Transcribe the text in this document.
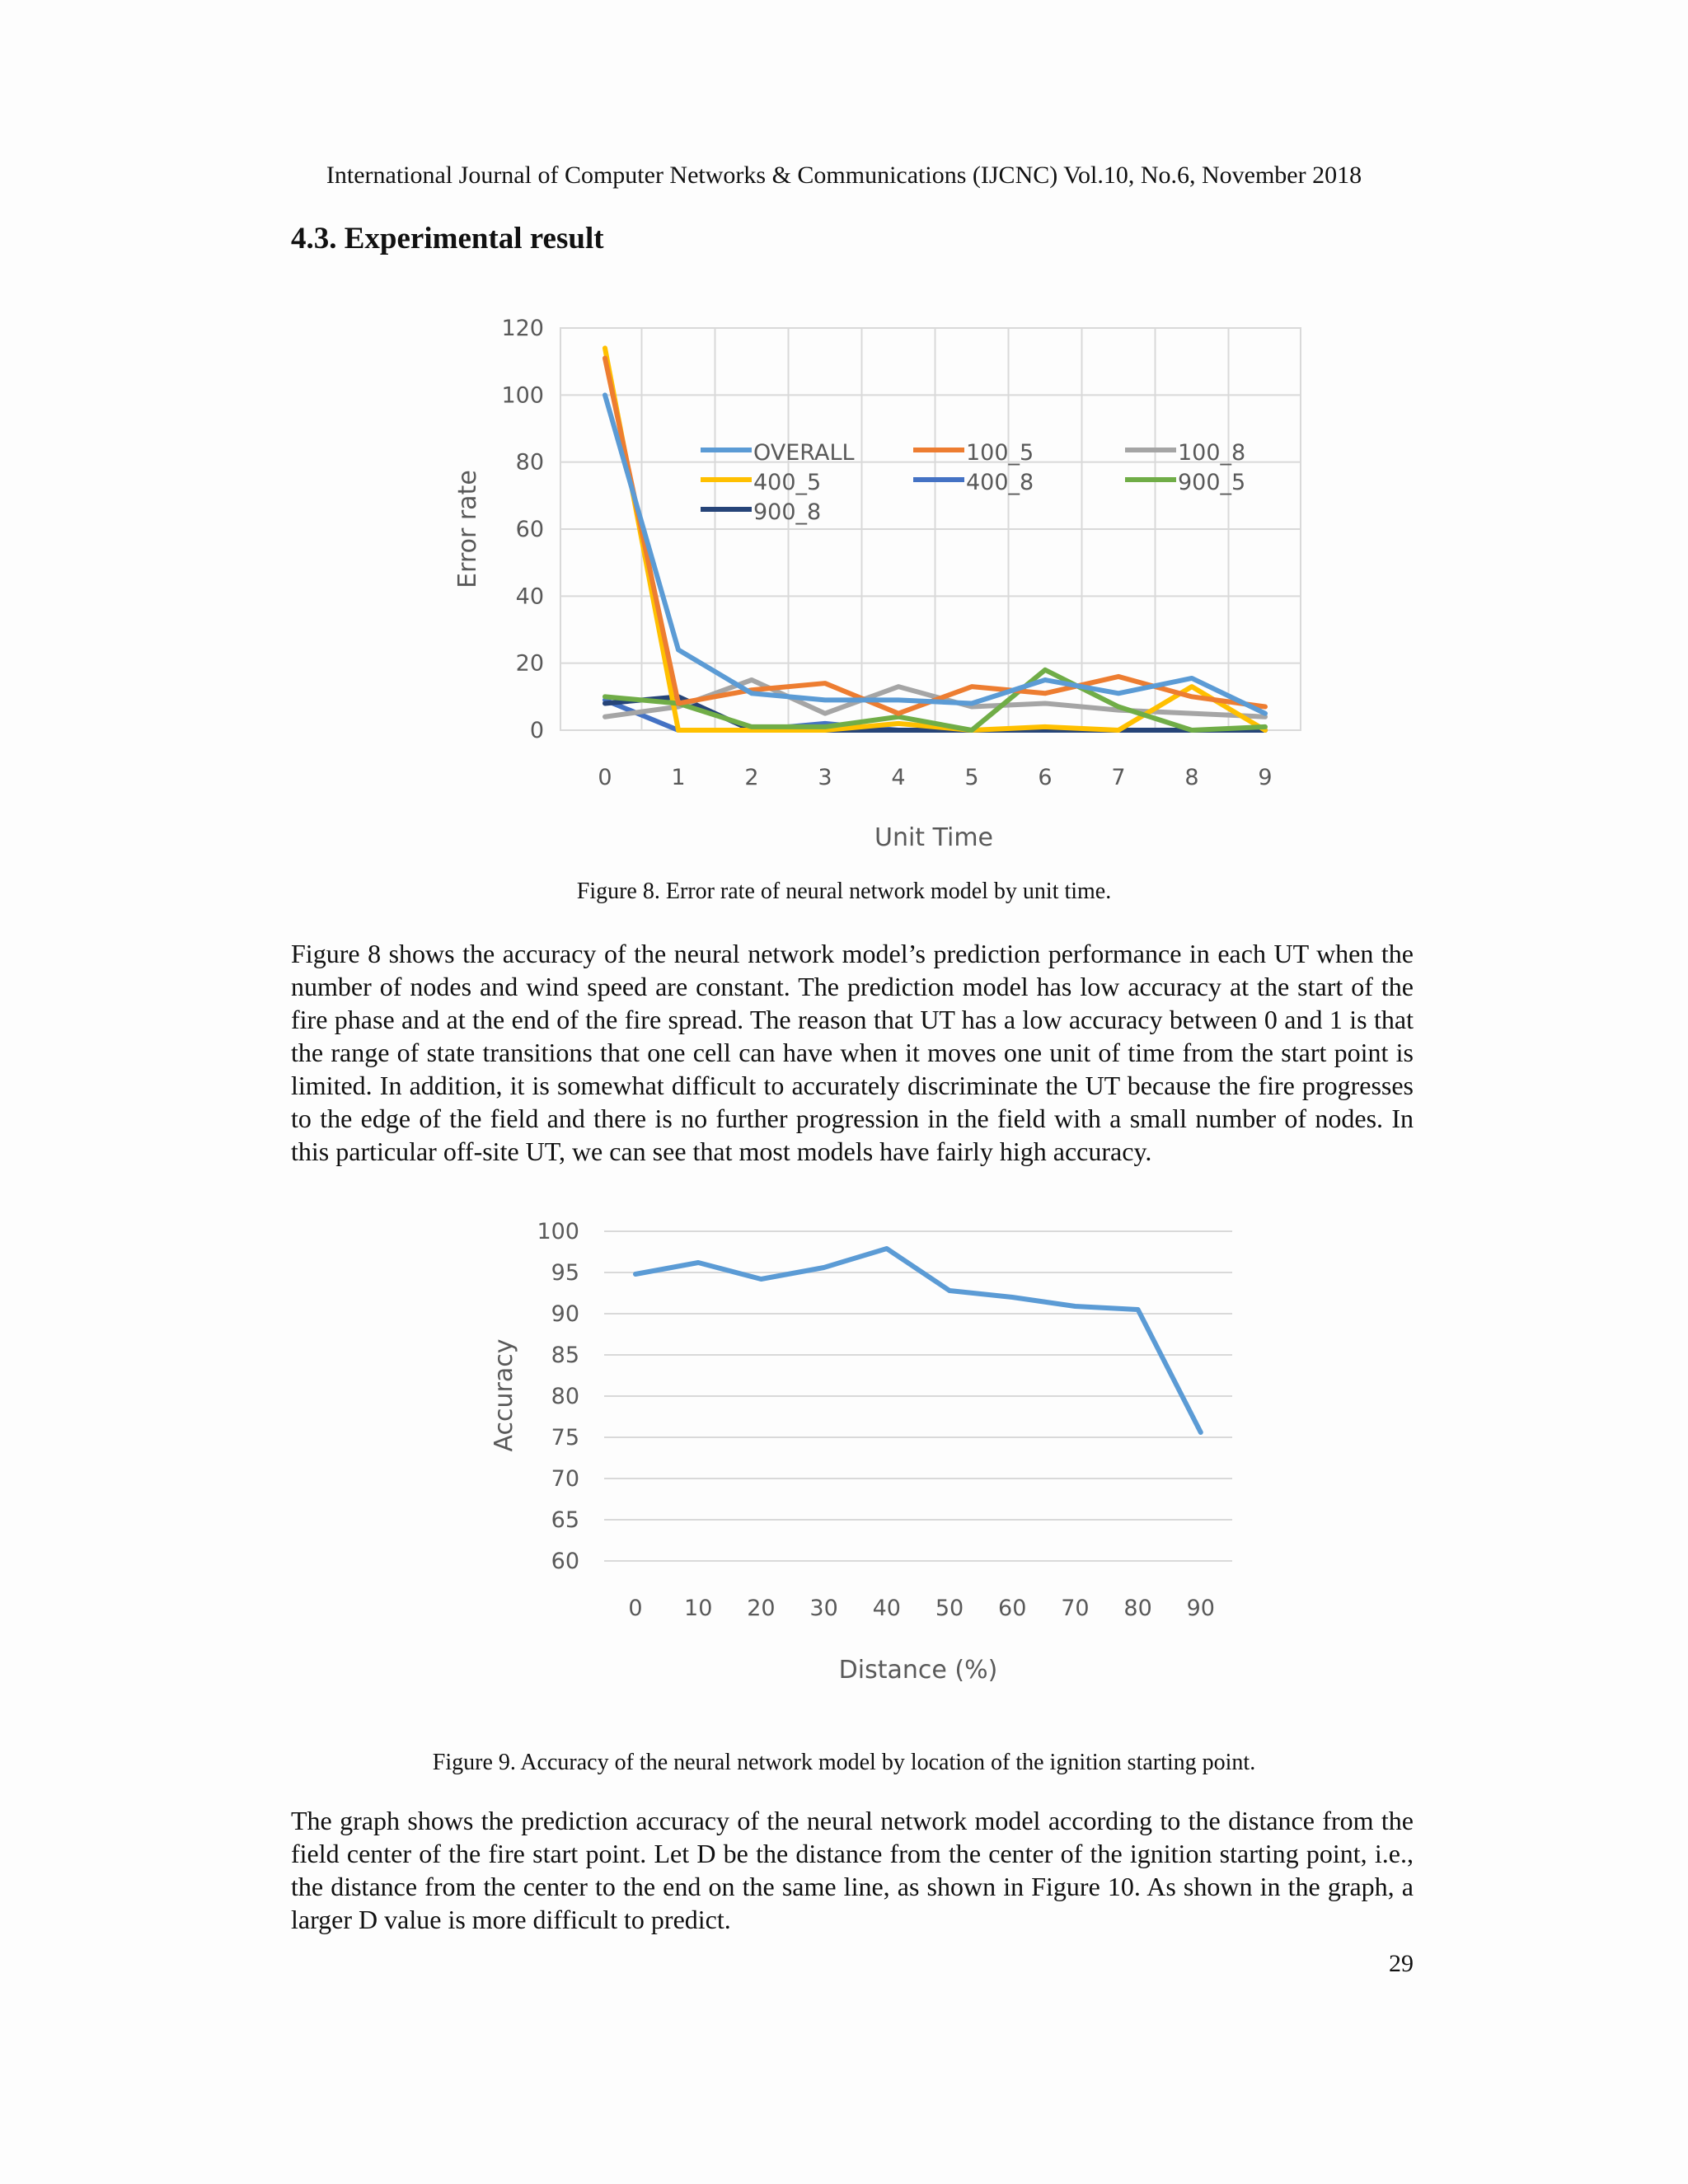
International Journal of Computer Networks & Communications (IJCNC) Vol.10, No.6, November 2018
4.3. Experimental result
0
20
40
60
80
100
120
0	1	2	3	4	5	6	7	8	9
Unit Time
Error rate
OVERALL	100_5	100_8
400_5	400_8	900_5
900_8
Figure 8. Error rate of neural network model by unit time.
Figure 8 shows the accuracy of the neural network model’s prediction performance in each UT when the number of nodes and wind speed are constant. The prediction model has low accuracy at the start of the fire phase and at the end of the fire spread. The reason that UT has a low accuracy between 0 and 1 is that the range of state transitions that one cell can have when it moves one unit of time from the start point is limited. In addition, it is somewhat difficult to accurately discriminate the UT because the fire progresses to the edge of the field and there is no further progression in the field with a small number of nodes. In this particular off-site UT, we can see that most models have fairly high accuracy.
60
65
70
75
80
85
90
95
100
0 10 20 30 40 50 60 70 80 90
Distance (%)
Accuracy
Figure 9. Accuracy of the neural network model by location of the ignition starting point.
The graph shows the prediction accuracy of the neural network model according to the distance from the field center of the fire start point. Let D be the distance from the center of the ignition starting point, i.e., the distance from the center to the end on the same line, as shown in Figure 10. As shown in the graph, a larger D value is more difficult to predict.
29
